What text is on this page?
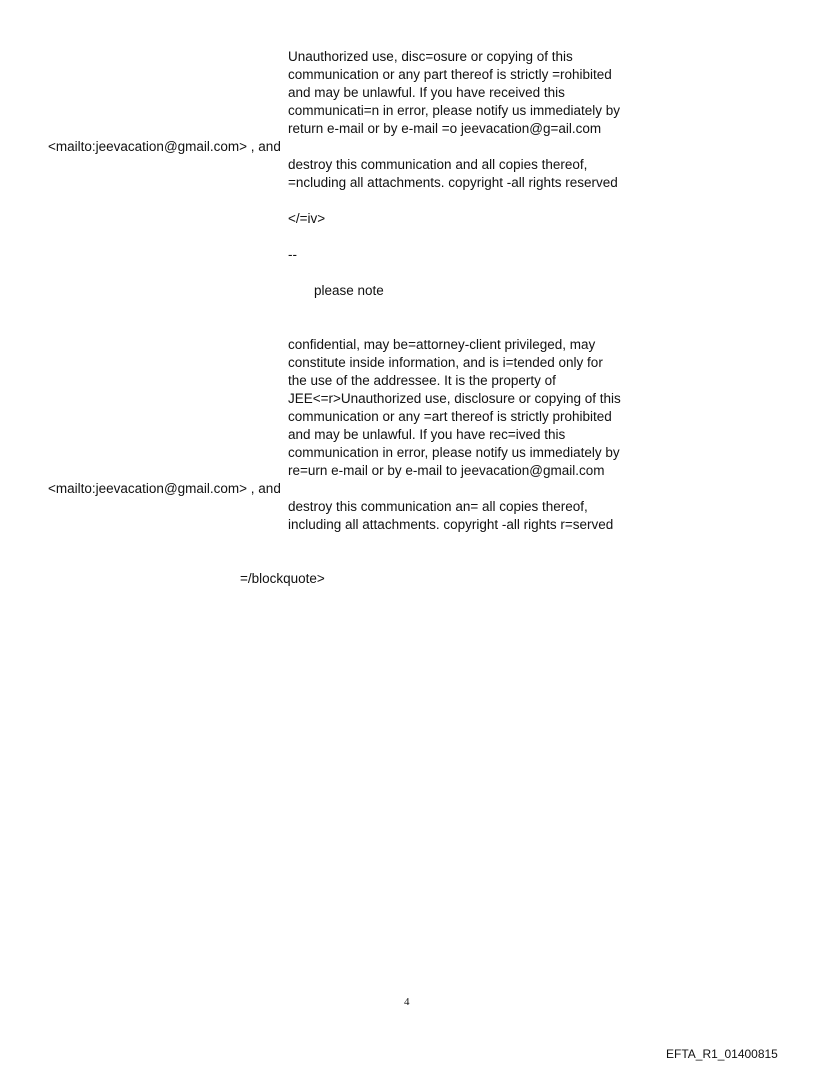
Unauthorized use, disc=osure or copying of this
communication or any part thereof is strictly =rohibited
and may be unlawful. If you have received this
communicati=n in error, please notify us immediately by
return e-mail or by e-mail =o jeevacation@g=ail.com
<mailto:jeevacation@gmail.com> , and
destroy this communication and all copies thereof,
=ncluding all attachments. copyright -all rights reserved
</=iv>
--
please note
confidential, may be=attorney-client privileged, may
constitute inside information, and is i=tended only for
the use of the addressee. It is the property of
JEE<=r>Unauthorized use, disclosure or copying of this
communication or any =art thereof is strictly prohibited
and may be unlawful. If you have rec=ived this
communication in error, please notify us immediately by
re=urn e-mail or by e-mail to jeevacation@gmail.com
<mailto:jeevacation@gmail.com> , and
destroy this communication an= all copies thereof,
including all attachments. copyright -all rights r=served
=/blockquote>
4
EFTA_R1_01400815
